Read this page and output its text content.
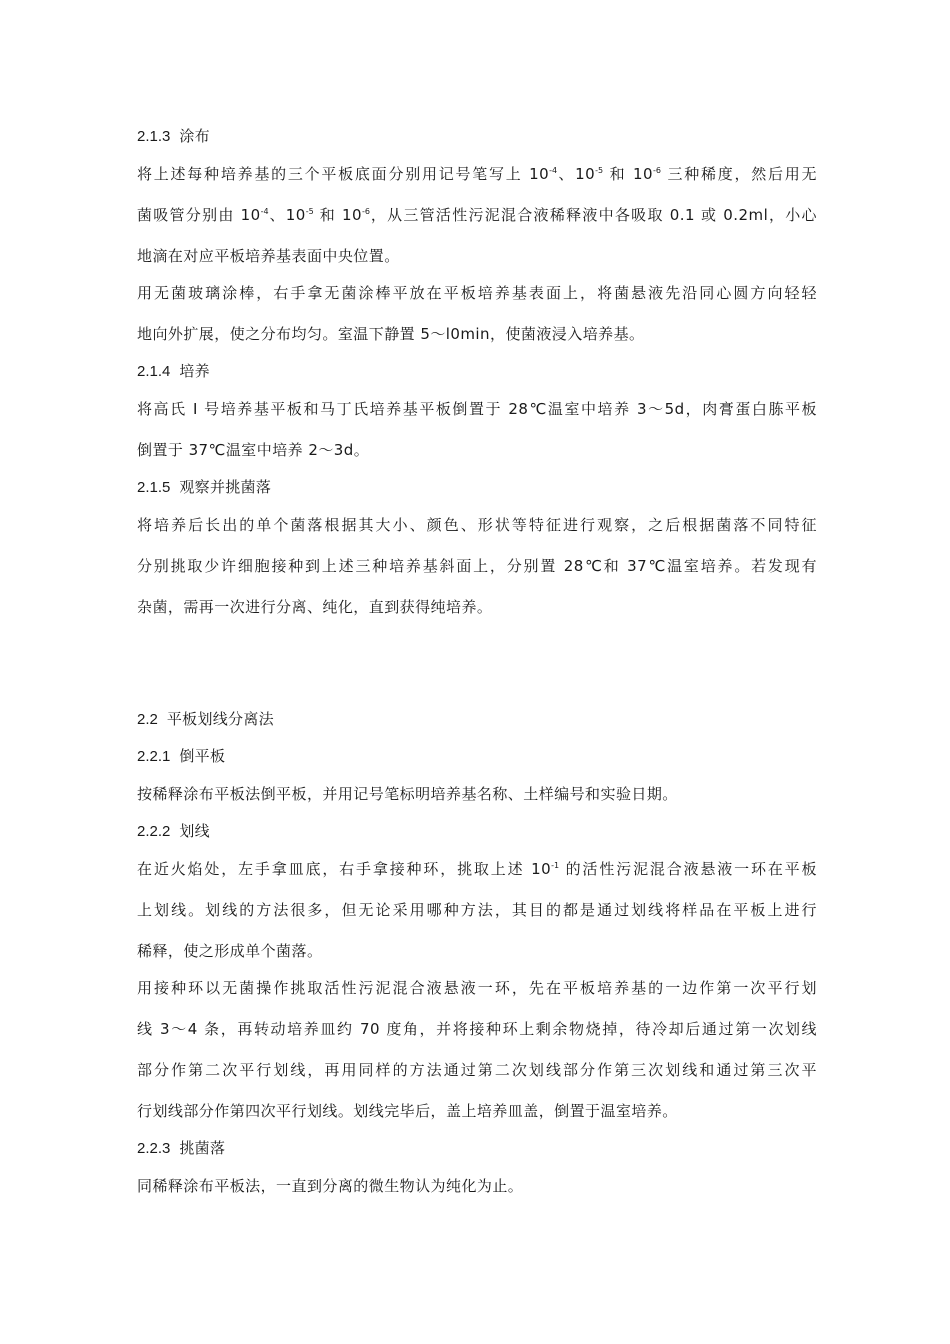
2.1.3 涂布
将上述每种培养基的三个平板底面分别用记号笔写上 $10^{-4}$、$10^{-5}$ 和 $10^{-6}$ 三种稀度，然后用无
菌吸管分别由 $10^{-4}$、$10^{-5}$ 和 $10^{-6}$，从三管活性污泥混合液稀释液中各吸取 0.1 或 0.2ml，小心
地滴在对应平板培养基表面中央位置。
用无菌玻璃涂棒，右手拿无菌涂棒平放在平板培养基表面上，将菌悬液先沿同心圆方向轻轻
地向外扩展，使之分布均匀。室温下静置 5～l0min，使菌液浸入培养基。
2.1.4 培养
将高氏 I 号培养基平板和马丁氏培养基平板倒置于 28℃温室中培养 3～5d，肉膏蛋白胨平板
倒置于 37℃温室中培养 2～3d。
2.1.5 观察并挑菌落
将培养后长出的单个菌落根据其大小、颜色、形状等特征进行观察，之后根据菌落不同特征
分别挑取少许细胞接种到上述三种培养基斜面上，分别置 28℃和 37℃温室培养。若发现有
杂菌，需再一次进行分离、纯化，直到获得纯培养。
2.2 平板划线分离法
2.2.1 倒平板
按稀释涂布平板法倒平板，并用记号笔标明培养基名称、土样编号和实验日期。
2.2.2 划线
在近火焰处，左手拿皿底，右手拿接种环，挑取上述 $10^{-1}$ 的活性污泥混合液悬液一环在平板
上划线。划线的方法很多，但无论采用哪种方法，其目的都是通过划线将样品在平板上进行
稀释，使之形成单个菌落。
用接种环以无菌操作挑取活性污泥混合液悬液一环，先在平板培养基的一边作第一次平行划
线 3～4 条，再转动培养皿约 70 度角，并将接种环上剩余物烧掉，待冷却后通过第一次划线
部分作第二次平行划线，再用同样的方法通过第二次划线部分作第三次划线和通过第三次平
行划线部分作第四次平行划线。划线完毕后，盖上培养皿盖，倒置于温室培养。
2.2.3 挑菌落
同稀释涂布平板法，一直到分离的微生物认为纯化为止。
